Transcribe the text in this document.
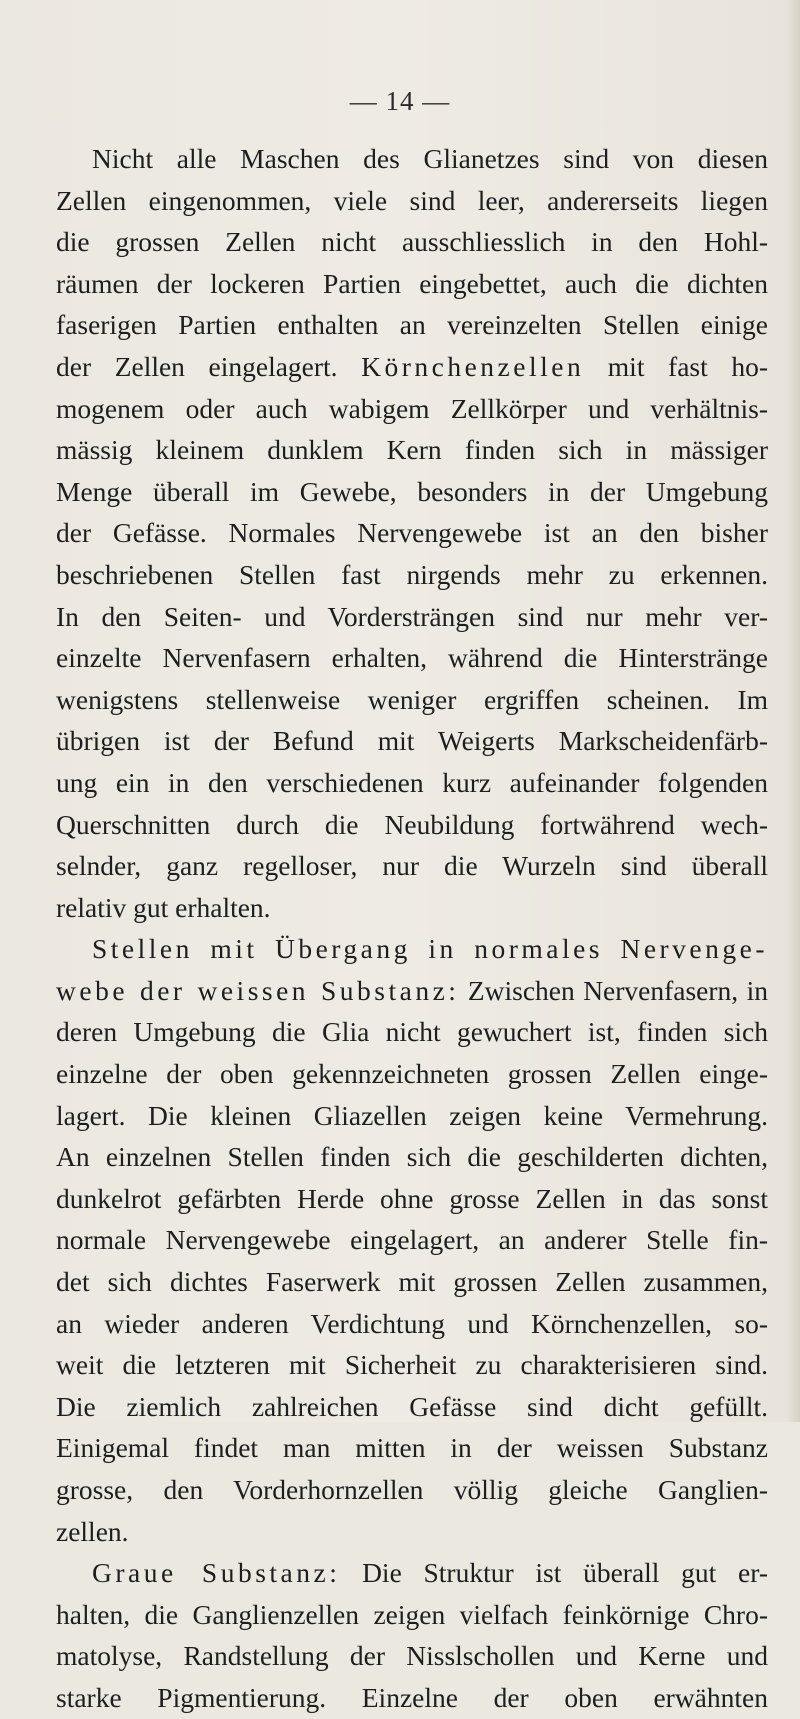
— 14 —
Nicht alle Maschen des Glianetzes sind von diesen
Zellen eingenommen, viele sind leer, andererseits liegen
die grossen Zellen nicht ausschliesslich in den Hohl-
räumen der lockeren Partien eingebettet, auch die dichten
faserigen Partien enthalten an vereinzelten Stellen einige
der Zellen eingelagert. Körnchenzellen mit fast ho-
mogenem oder auch wabigem Zellkörper und verhältnis-
mässig kleinem dunklem Kern finden sich in mässiger
Menge überall im Gewebe, besonders in der Umgebung
der Gefässe. Normales Nervengewebe ist an den bisher
beschriebenen Stellen fast nirgends mehr zu erkennen.
In den Seiten- und Vordersträngen sind nur mehr ver-
einzelte Nervenfasern erhalten, während die Hinterstränge
wenigstens stellenweise weniger ergriffen scheinen. Im
übrigen ist der Befund mit Weigerts Markscheidenfärb-
ung ein in den verschiedenen kurz aufeinander folgenden
Querschnitten durch die Neubildung fortwährend wech-
selnder, ganz regelloser, nur die Wurzeln sind überall
relativ gut erhalten.
Stellen mit Übergang in normales Nervenge-
webe der weissen Substanz: Zwischen Nervenfasern, in
deren Umgebung die Glia nicht gewuchert ist, finden sich
einzelne der oben gekennzeichneten grossen Zellen einge-
lagert. Die kleinen Gliazellen zeigen keine Vermehrung.
An einzelnen Stellen finden sich die geschilderten dichten,
dunkelrot gefärbten Herde ohne grosse Zellen in das sonst
normale Nervengewebe eingelagert, an anderer Stelle fin-
det sich dichtes Faserwerk mit grossen Zellen zusammen,
an wieder anderen Verdichtung und Körnchenzellen, so-
weit die letzteren mit Sicherheit zu charakterisieren sind.
Die ziemlich zahlreichen Gefässe sind dicht gefüllt.
Einigemal findet man mitten in der weissen Substanz
grosse, den Vorderhornzellen völlig gleiche Ganglien-
zellen.
Graue Substanz: Die Struktur ist überall gut er-
halten, die Ganglienzellen zeigen vielfach feinkörnige Chro-
matolyse, Randstellung der Nisslschollen und Kerne und
starke Pigmentierung. Einzelne der oben erwähnten
